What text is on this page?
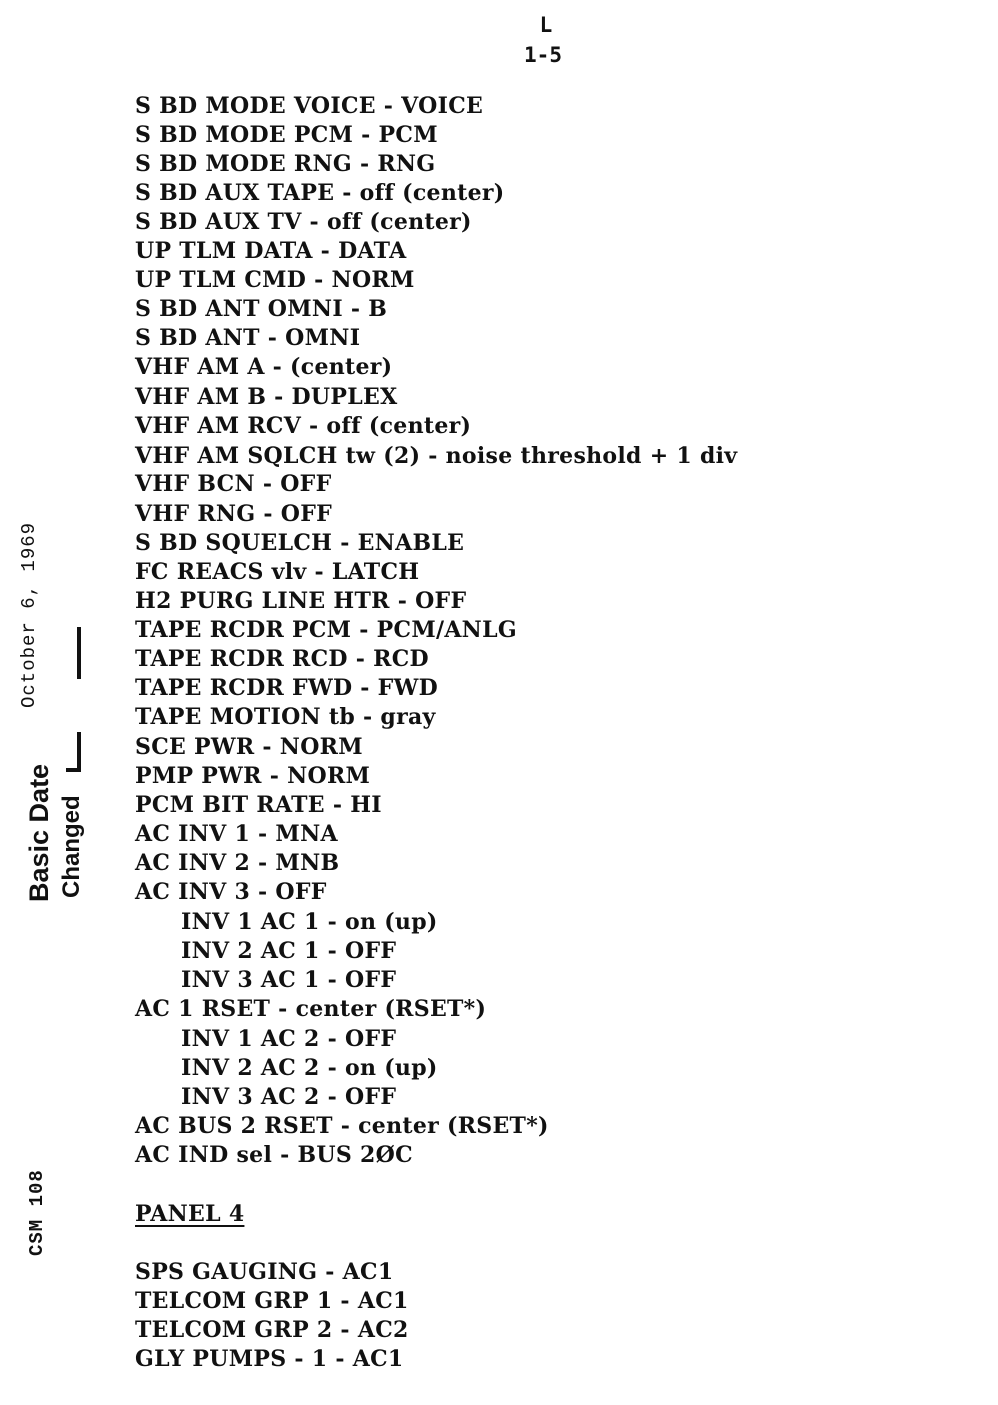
L
1-5
October 6, 1969
Basic Date Changed
CSM 108
S BD MODE VOICE - VOICE
S BD MODE PCM - PCM
S BD MODE RNG - RNG
S BD AUX TAPE - off (center)
S BD AUX TV - off (center)
UP TLM DATA - DATA
UP TLM CMD - NORM
S BD ANT OMNI - B
S BD ANT - OMNI
VHF AM A - (center)
VHF AM B - DUPLEX
VHF AM RCV - off (center)
VHF AM SQLCH tw (2) - noise threshold + 1 div
VHF BCN - OFF
VHF RNG - OFF
S BD SQUELCH - ENABLE
FC REACS vlv - LATCH
H2 PURG LINE HTR - OFF
TAPE RCDR PCM - PCM/ANLG
TAPE RCDR RCD - RCD
TAPE RCDR FWD - FWD
TAPE MOTION tb - gray
SCE PWR - NORM
PMP PWR - NORM
PCM BIT RATE - HI
AC INV 1 - MNA
AC INV 2 - MNB
AC INV 3 - OFF
INV 1 AC 1 - on (up)
INV 2 AC 1 - OFF
INV 3 AC 1 - OFF
AC 1 RSET - center (RSET*)
INV 1 AC 2 - OFF
INV 2 AC 2 - on (up)
INV 3 AC 2 - OFF
AC BUS 2 RSET - center (RSET*)
AC IND sel - BUS 2ØC
PANEL 4
SPS GAUGING - AC1
TELCOM GRP 1 - AC1
TELCOM GRP 2 - AC2
GLY PUMPS - 1 - AC1
